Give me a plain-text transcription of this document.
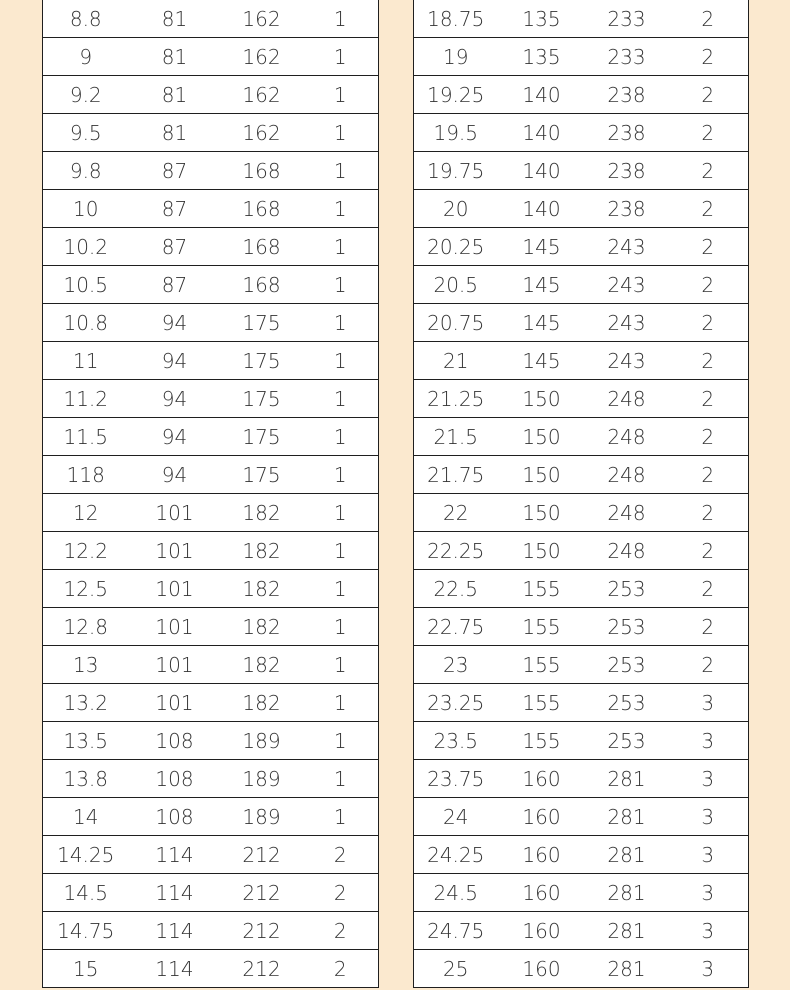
8.8	81	162	1
9	81	162	1
9.2	81	162	1
9.5	81	162	1
9.8	87	168	1
10	87	168	1
10.2	87	168	1
10.5	87	168	1
10.8	94	175	1
11	94	175	1
11.2	94	175	1
11.5	94	175	1
118	94	175	1
12	101	182	1
12.2	101	182	1
12.5	101	182	1
12.8	101	182	1
13	101	182	1
13.2	101	182	1
13.5	108	189	1
13.8	108	189	1
14	108	189	1
14.25	114	212	2
14.5	114	212	2
14.75	114	212	2
15	114	212	2
18.75	135	233	2
19	135	233	2
19.25	140	238	2
19.5	140	238	2
19.75	140	238	2
20	140	238	2
20.25	145	243	2
20.5	145	243	2
20.75	145	243	2
21	145	243	2
21.25	150	248	2
21.5	150	248	2
21.75	150	248	2
22	150	248	2
22.25	150	248	2
22.5	155	253	2
22.75	155	253	2
23	155	253	2
23.25	155	253	3
23.5	155	253	3
23.75	160	281	3
24	160	281	3
24.25	160	281	3
24.5	160	281	3
24.75	160	281	3
25	160	281	3
